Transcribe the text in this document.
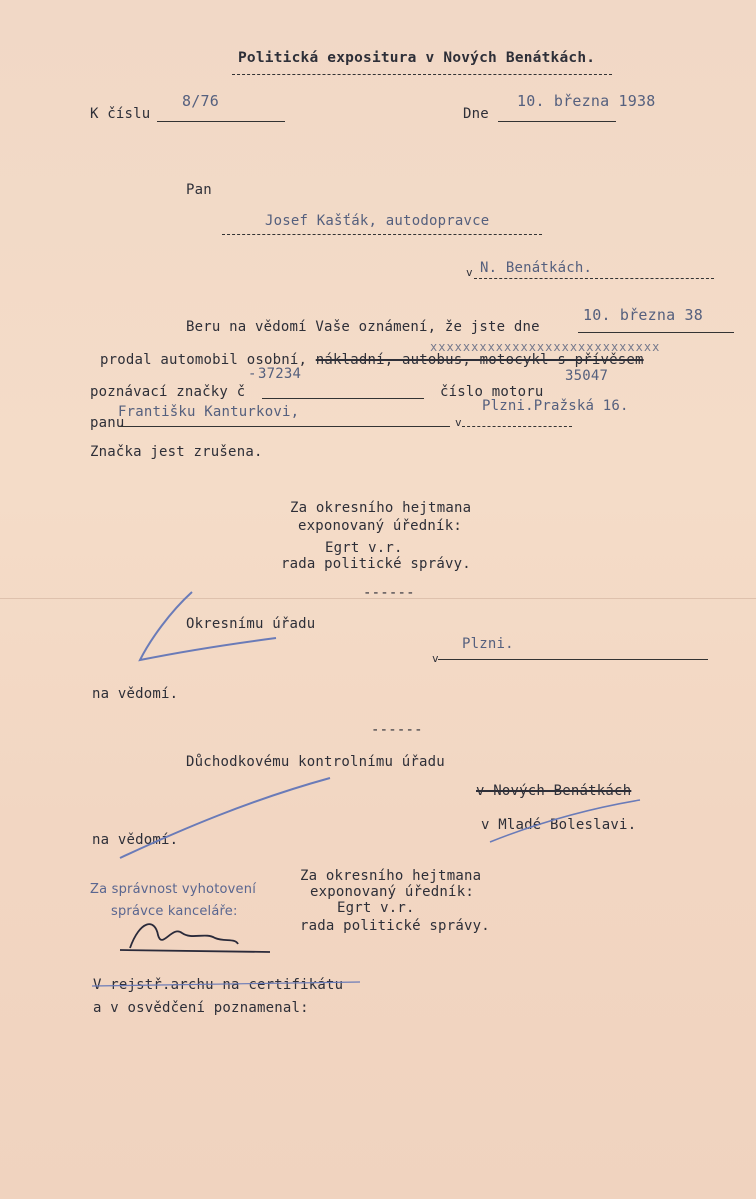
Politická expositura v Nových Benátkách.
K číslu
8/76
Dne
10. března 1938
Pan
Josef Kašťák, autodopravce
v N. Benátkách.
Beru na vědomí Vaše oznámení, že jste dne
10. března 38
prodal automobil osobní, nákladní, autobus, motocykl s přívěsem
xxxxxxxxxxxxxxxxxxxxxxxxxxxx
poznávací značky č
- 37234
číslo motoru
35047
panu
Františku Kanturkovi,
v
Plzni.Pražská 16.
Značka jest zrušena.
Za okresního hejtmana
exponovaný úředník:
Egrt v.r.
rada politické správy.
------
Okresnímu úřadu
v
Plzni.
na vědomí.
------
Důchodkovému kontrolnímu úřadu
v Nových Benátkách
v Mladé Boleslavi.
na vědomí.
Za okresního hejtmana
exponovaný úředník:
Egrt v.r.
rada politické správy.
Za správnost vyhotovení
správce kanceláře:
V rejstř.archu na certifikátu
a v osvědčení poznamenal:
